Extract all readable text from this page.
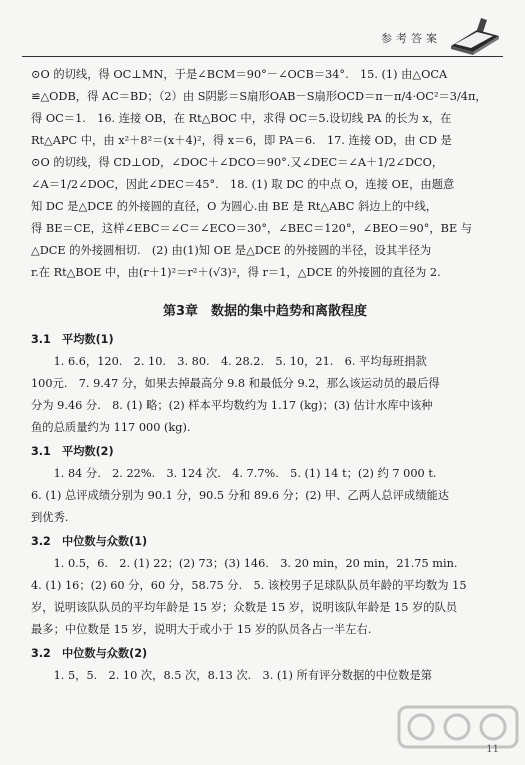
参考答案

⊙O 的切线，得 OC⊥MN，于是∠BCM＝90°－∠OCB＝34°.　15. (1) 由△OCA

≌△ODB，得 AC＝BD；（2）由 S阴影＝S扇形OAB－S扇形OCD＝π－π/4·OC²＝3/4π，

得 OC＝1.　16. 连接 OB，在 Rt△BOC 中，求得 OC＝5.设切线 PA 的长为 x，在

Rt△APC 中，由 x²＋8²＝(x＋4)²，得 x＝6，即 PA＝6.　17. 连接 OD，由 CD 是

⊙O 的切线，得 CD⊥OD，∠DOC＋∠DCO＝90°.又∠DEC＝∠A＋1/2∠DCO，

∠A＝1/2∠DOC，因此∠DEC＝45°.　18. (1) 取 DC 的中点 O，连接 OE，由题意

知 DC 是△DCE 的外接圆的直径，O 为圆心.由 BE 是 Rt△ABC 斜边上的中线，

得 BE＝CE，这样∠EBC＝∠C＝∠ECO＝30°，∠BEC＝120°，∠BEO＝90°，BE 与

△DCE 的外接圆相切.　(2) 由(1)知 OE 是△DCE 的外接圆的半径，设其半径为

r.在 Rt△BOE 中，由(r＋1)²＝r²＋(√3)²，得 r＝1，△DCE 的外接圆的直径为 2.

第3章　数据的集中趋势和离散程度

3.1　平均数(1)

1. 6.6，120.　2. 10.　3. 80.　4. 28.2.　5. 10，21.　6. 平均每班捐款

100元.　7. 9.47 分，如果去掉最高分 9.8 和最低分 9.2，那么该运动员的最后得

分为 9.46 分.　8. (1) 略；(2) 样本平均数约为 1.17 (kg)；(3) 估计水库中该种

鱼的总质量约为 117 000 (kg).

3.1　平均数(2)

1. 84 分.　2. 22%.　3. 124 次.　4. 7.7%.　5. (1) 14 t；(2) 约 7 000 t.

6. (1) 总评成绩分别为 90.1 分，90.5 分和 89.6 分；(2) 甲、乙两人总评成绩能达

到优秀.

3.2　中位数与众数(1)

1. 0.5，6.　2. (1) 22；(2) 73；(3) 146.　3. 20 min，20 min，21.75 min.

4. (1) 16；(2) 60 分，60 分，58.75 分.　5. 该校男子足球队队员年龄的平均数为 15

岁，说明该队队员的平均年龄是 15 岁；众数是 15 岁，说明该队年龄是 15 岁的队员

最多；中位数是 15 岁，说明大于或小于 15 岁的队员各占一半左右.

3.2　中位数与众数(2)

1. 5，5.　2. 10 次，8.5 次，8.13 次.　3. (1) 所有评分数据的中位数是第

11
